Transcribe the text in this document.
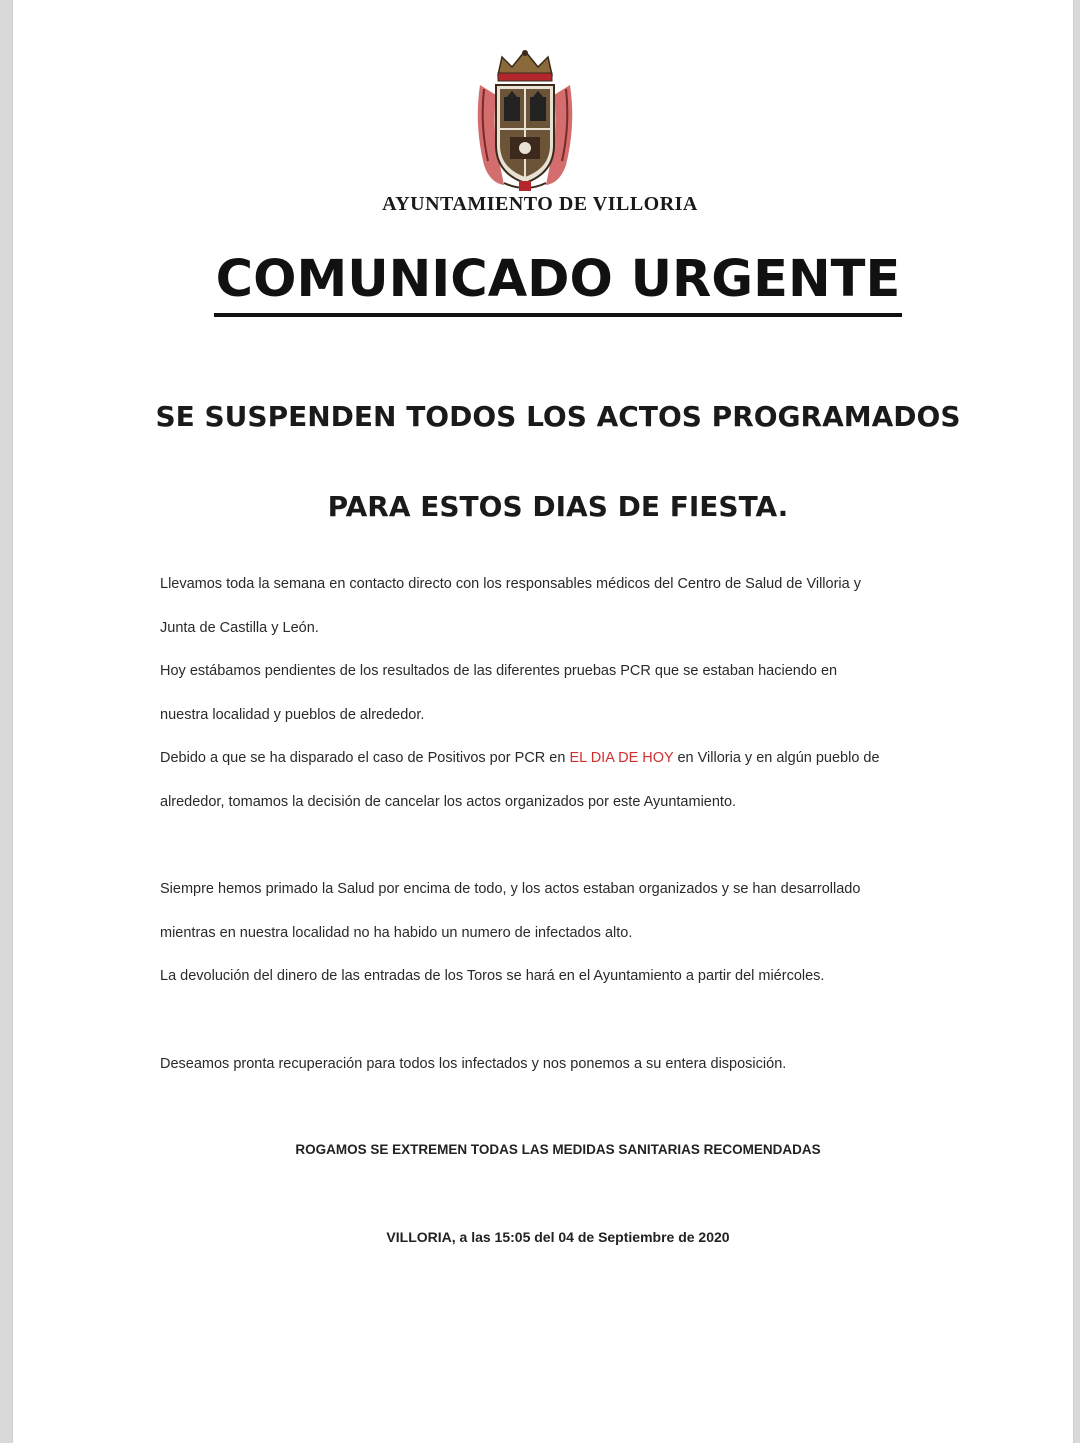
AYUNTAMIENTO DE VILLORIA
COMUNICADO URGENTE
SE SUSPENDEN TODOS LOS ACTOS PROGRAMADOS
PARA ESTOS DIAS DE FIESTA.
Llevamos toda la semana en contacto directo con los responsables médicos del Centro de Salud de Villoria y
Junta de Castilla y León.
Hoy estábamos pendientes de los resultados de las diferentes pruebas PCR que se estaban haciendo en
nuestra localidad y pueblos de alrededor.
Debido a que se ha disparado el caso de Positivos por PCR en EL DIA DE HOY en Villoria y en algún pueblo de
alrededor, tomamos la decisión de cancelar los actos organizados por este Ayuntamiento.
Siempre hemos primado la Salud por encima de todo, y los actos estaban organizados y se han desarrollado
mientras en nuestra localidad no ha habido un numero de infectados alto.
La devolución del dinero de las entradas de los Toros se hará en el Ayuntamiento a partir del miércoles.
Deseamos pronta recuperación para todos los infectados y nos ponemos a su entera disposición.
ROGAMOS SE EXTREMEN TODAS LAS MEDIDAS SANITARIAS RECOMENDADAS
VILLORIA, a las 15:05 del 04 de Septiembre de 2020
